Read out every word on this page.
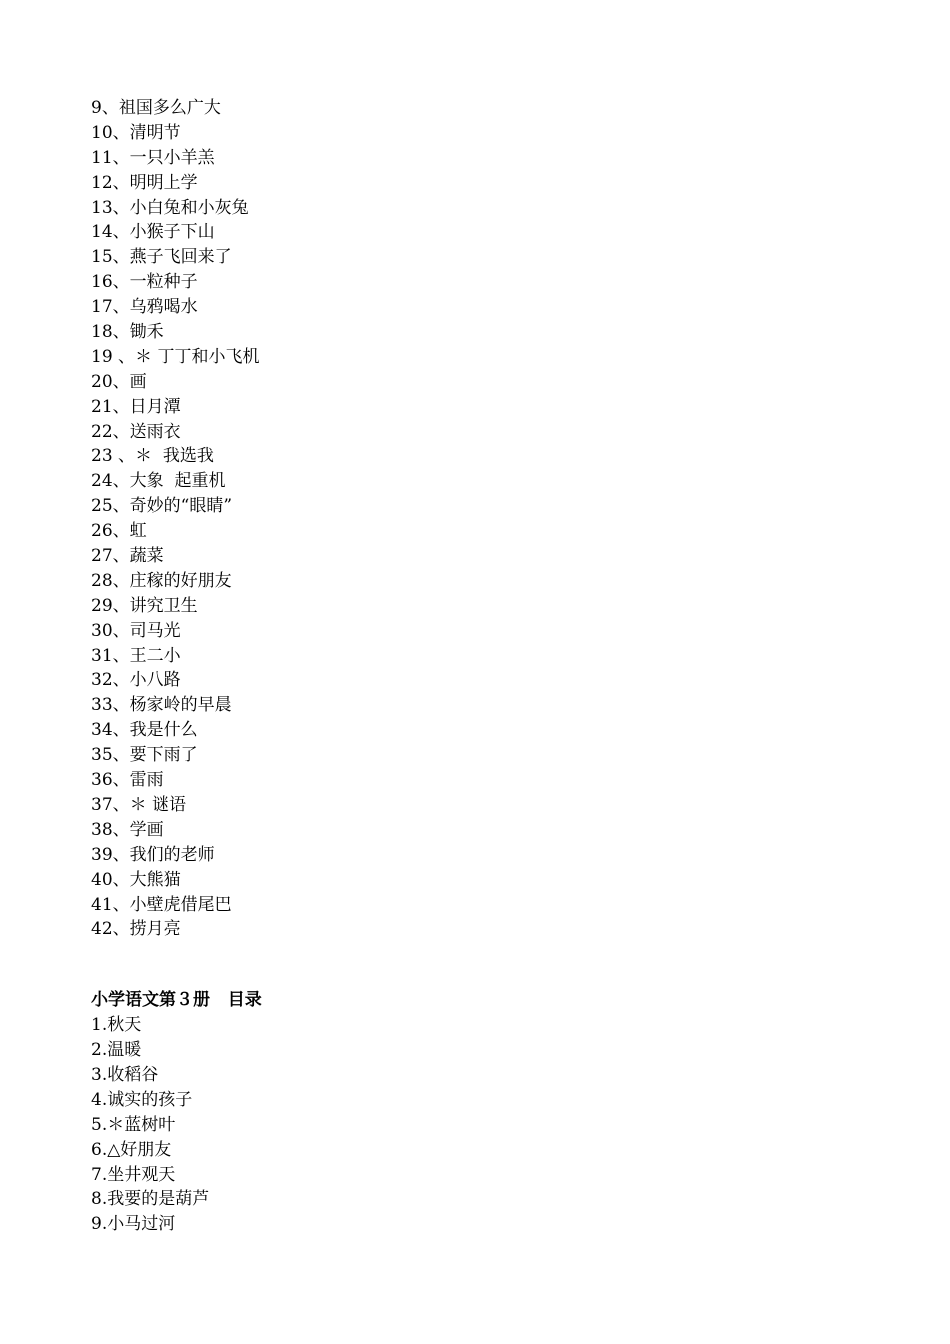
9、祖国多么广大
10、清明节
11、一只小羊羔
12、明明上学
13、小白兔和小灰兔
14、小猴子下山
15、燕子飞回来了
16、一粒种子
17、乌鸦喝水
18、锄禾
19 、＊ 丁丁和小飞机
20、画
21、日月潭
22、送雨衣
23 、＊  我选我
24、大象  起重机
25、奇妙的“眼睛”
26、虹
27、蔬菜
28、庄稼的好朋友
29、讲究卫生
30、司马光
31、王二小
32、小八路
33、杨家岭的早晨
34、我是什么
35、要下雨了
36、雷雨
37、＊ 谜语
38、学画
39、我们的老师
40、大熊猫
41、小壁虎借尾巴
42、捞月亮
小学语文第３册   目录
1.秋天
2.温暖
3.收稻谷
4.诚实的孩子
5.＊蓝树叶
6.△好朋友
7.坐井观天
8.我要的是葫芦
9.小马过河
